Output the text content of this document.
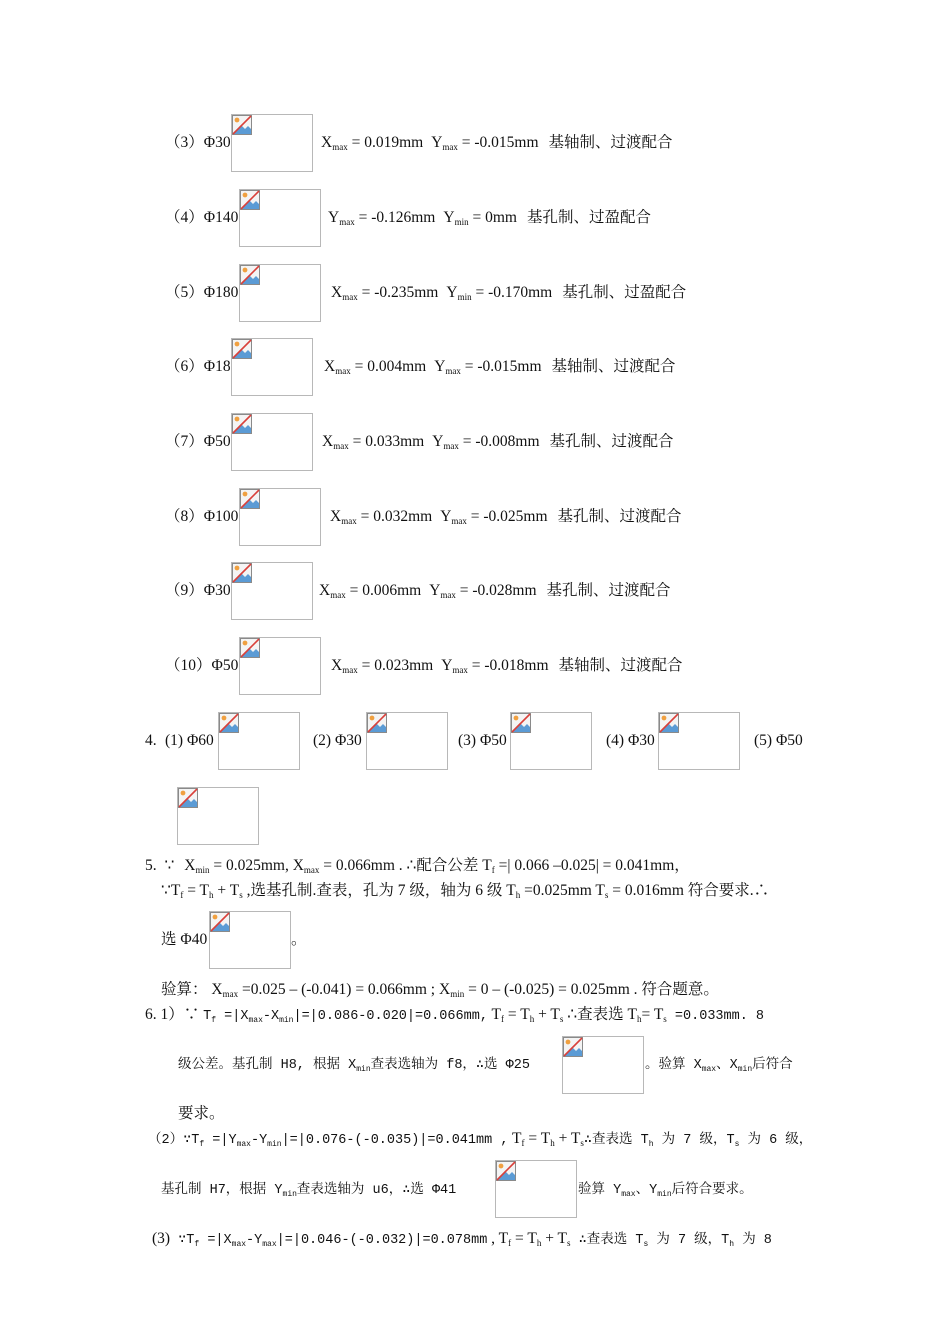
（3）Φ30	$X_{max} = 0.019mm$ $Y_{max} = -0.015mm$ 基轴制、过渡配合
（4）Φ140	$Y_{max} = -0.126mm$ $Y_{min} = 0mm$ 基孔制、过盈配合
（5）Φ180	$X_{max} = -0.235mm$ $Y_{min} = -0.170mm$ 基孔制、过盈配合
（6）Φ18	$X_{max} = 0.004mm$ $Y_{max} = -0.015mm$ 基轴制、过渡配合
（7）Φ50	$X_{max} = 0.033mm$ $Y_{max} = -0.008mm$ 基孔制、过渡配合
（8）Φ100	$X_{max} = 0.032mm$ $Y_{max} = -0.025mm$ 基孔制、过渡配合
（9）Φ30	$X_{max} = 0.006mm$ $Y_{max} = -0.028mm$ 基孔制、过渡配合
（10）Φ50	$X_{max} = 0.023mm$ $Y_{max} = -0.018mm$ 基轴制、过渡配合
4. (1) Φ60	(2) Φ30	(3) Φ50	(4) Φ30	(5) Φ50
5. ∵ $X_{min} = 0.025mm$, $X_{max} = 0.066mm$ . ∴配合公差 $T_f$ =| 0.066 –0.025| = 0.041mm，
$\because T_f = T_h + T_s$ ,选基孔制.查表，孔为 7 级，轴为 6 级 $T_h =0.025mm$ $T_s = 0.016mm$ 符合要求.∴
选 Φ40	。
验算： $X_{max} =0.025 - (-0.041) = 0.066mm$ ; $X_{min} = 0 - (-0.025) = 0.025mm$ . 符合题意。
6. 1）∵ Tf =|Xmax-Xmin|=|0.086-0.020|=0.066mm, $T_f = T_h + T_s$ ∴查表选 $T_h= T_s =0.033mm$. 8
级公差。基孔制 H8, 根据 Xmin查表选轴为 f8，∴选 Φ25	。验算 Xmax、Xmin后符合
要求。
（2）∵Tf =|Ymax-Ymin|=|0.076-(-0.035)|=0.041mm , $T_f = T_h$ + $T_s\therefore$查表选 Th 为 7 级，Ts 为 6 级，
基孔制 H7，根据 Ymin查表选轴为 u6，∴选 Φ41	验算 Ymax、Ymin后符合要求。
(3) ∵Tf =|Xmax-Ymax|=|0.046-(-0.032)|=0.078mm , $T_f = T_h + T_s$ ∴查表选 Ts 为 7 级，Th 为 8
